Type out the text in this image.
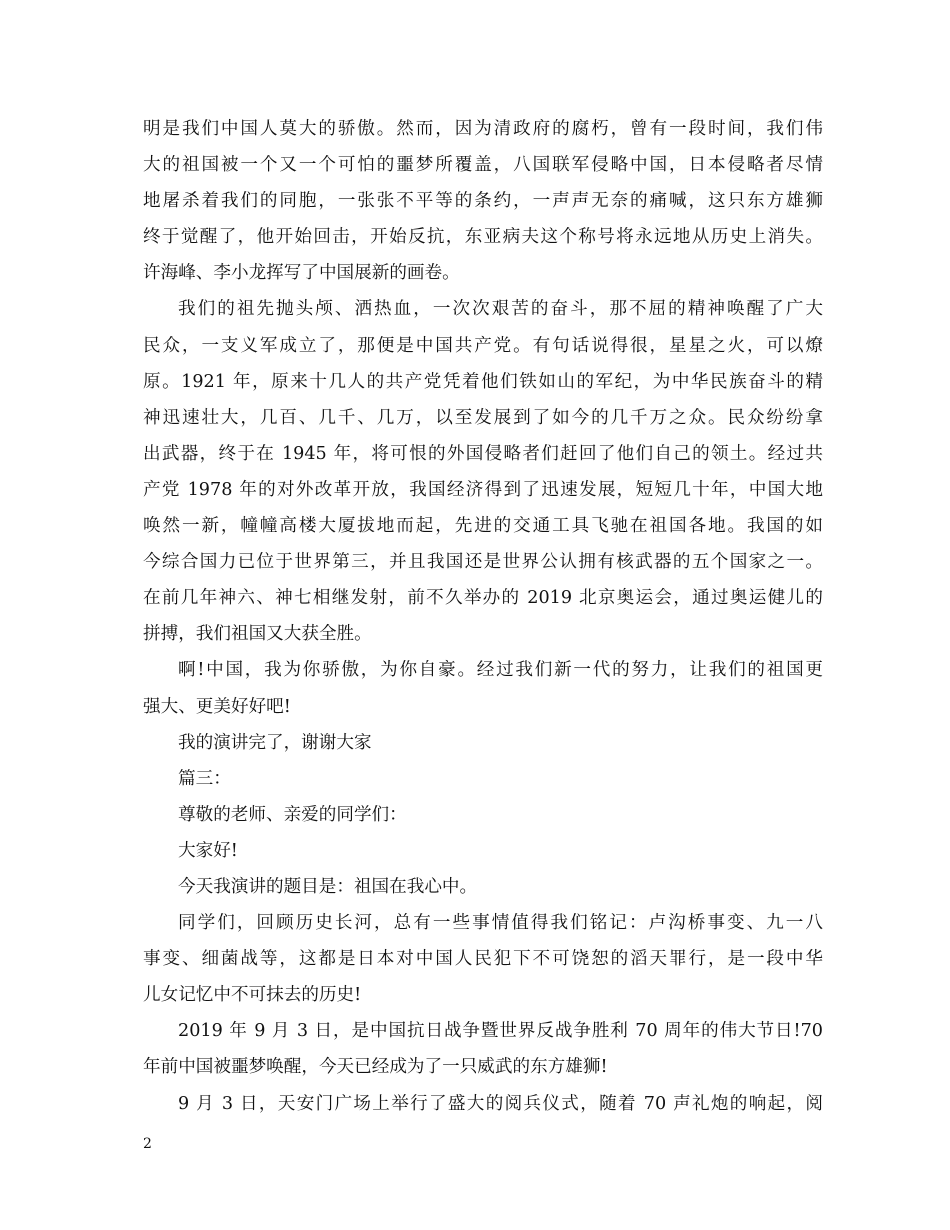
明是我们中国人莫大的骄傲。然而，因为清政府的腐朽，曾有一段时间，我们伟
大的祖国被一个又一个可怕的噩梦所覆盖，八国联军侵略中国，日本侵略者尽情
地屠杀着我们的同胞，一张张不平等的条约，一声声无奈的痛喊，这只东方雄狮
终于觉醒了，他开始回击，开始反抗，东亚病夫这个称号将永远地从历史上消失。
许海峰、李小龙挥写了中国展新的画卷。
我们的祖先抛头颅、洒热血，一次次艰苦的奋斗，那不屈的精神唤醒了广大
民众，一支义军成立了，那便是中国共产党。有句话说得很，星星之火，可以燎
原。1921 年，原来十几人的共产党凭着他们铁如山的军纪，为中华民族奋斗的精
神迅速壮大，几百、几千、几万，以至发展到了如今的几千万之众。民众纷纷拿
出武器，终于在 1945 年，将可恨的外国侵略者们赶回了他们自己的领土。经过共
产党 1978 年的对外改革开放，我国经济得到了迅速发展，短短几十年，中国大地
唤然一新，幢幢高楼大厦拔地而起，先进的交通工具飞驰在祖国各地。我国的如
今综合国力已位于世界第三，并且我国还是世界公认拥有核武器的五个国家之一。
在前几年神六、神七相继发射，前不久举办的 2019 北京奥运会，通过奥运健儿的
拼搏，我们祖国又大获全胜。
啊!中国，我为你骄傲，为你自豪。经过我们新一代的努力，让我们的祖国更
强大、更美好好吧!
我的演讲完了，谢谢大家
篇三：
尊敬的老师、亲爱的同学们：
大家好!
今天我演讲的题目是：祖国在我心中。
同学们，回顾历史长河，总有一些事情值得我们铭记：卢沟桥事变、九一八
事变、细菌战等，这都是日本对中国人民犯下不可饶恕的滔天罪行，是一段中华
儿女记忆中不可抹去的历史!
2019 年 9 月 3 日，是中国抗日战争暨世界反战争胜利 70 周年的伟大节日!70
年前中国被噩梦唤醒，今天已经成为了一只威武的东方雄狮!
9 月 3 日，天安门广场上举行了盛大的阅兵仪式，随着 70 声礼炮的响起，阅
2
